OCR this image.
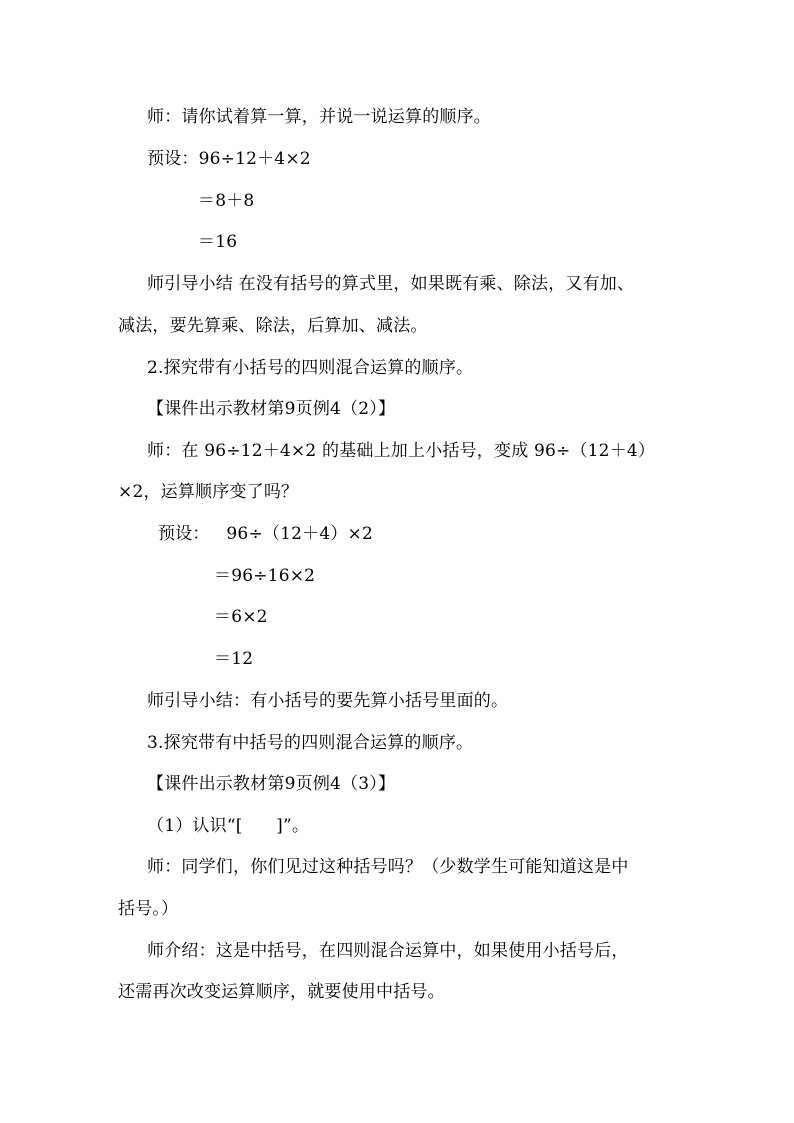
师：请你试着算一算，并说一说运算的顺序。
预设：96÷12＋4×2
＝8＋8
＝16
师引导小结 在没有括号的算式里，如果既有乘、除法，又有加、
减法，要先算乘、除法，后算加、减法。
2.探究带有小括号的四则混合运算的顺序。
【课件出示教材第9页例4（2）】
师：在 96÷12＋4×2 的基础上加上小括号，变成 96÷（12＋4）
×2，运算顺序变了吗？
预设：   96÷（12＋4）×2
＝96÷16×2
＝6×2
＝12
师引导小结：有小括号的要先算小括号里面的。
3.探究带有中括号的四则混合运算的顺序。
【课件出示教材第9页例4（3）】
（1）认识“[      ]”。
师：同学们，你们见过这种括号吗？（少数学生可能知道这是中
括号。）
师介绍：这是中括号，在四则混合运算中，如果使用小括号后，
还需再次改变运算顺序，就要使用中括号。
